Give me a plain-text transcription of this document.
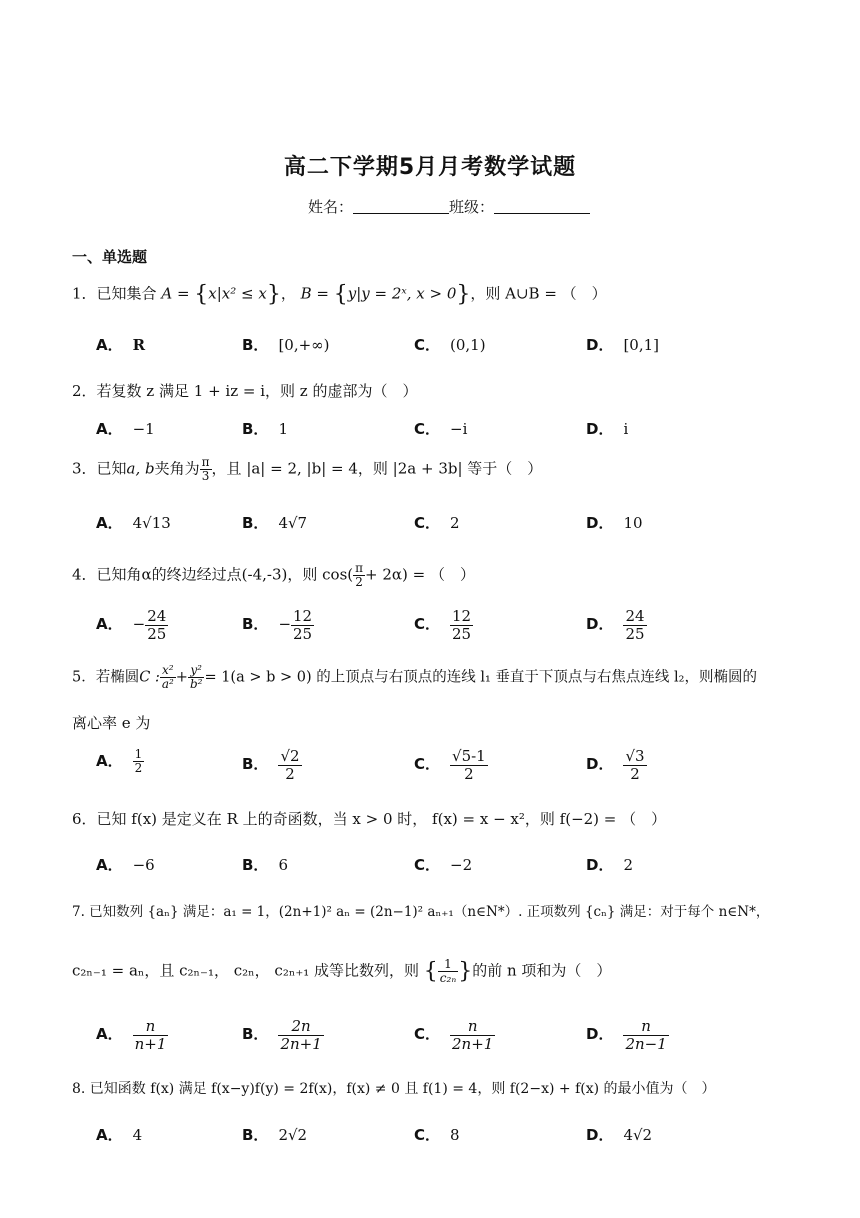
高二下学期5月月考数学试题
姓名：	班级：
一、单选题
1．已知集合 A = {x|x² ≤ x}， B = {y|y = 2ˣ, x > 0}，则 A∪B = （　）
A． R	B． [0,+∞)	C． (0,1)	D． [0,1]
2．若复数 z 满足 1 + iz = i，则 z 的虚部为（　）
A． −1	B． 1	C． −i	D． i
3．已知a, b夹角为 $\frac{\pi}{3}$ ，且 |a| = 2, |b| = 4，则 |2a + 3b| 等于（　）
A． 4√13	B． 4√7	C． 2	D． 10
4．已知角α的终边经过点(-4,-3)，则 $\cos( \frac{\pi}{2} + 2\alpha)$ = （　）
A． − $\frac{24}{25}$	B． − $\frac{12}{25}$	C． $\frac{12}{25}$	D． $\frac{24}{25}$
5．若椭圆C : $\frac{\text{x²}}{\text{a²}} + \frac{\text{y²}}{\text{b²}} = 1(a > b > 0)$ 的上顶点与右顶点的连线 l₁ 垂直于下顶点与右焦点连线 l₂，则椭圆的
离心率 e 为
A． $\frac{1}{2}$	B． $\frac{√2}{2}$	C． $\frac{√5-1}{2}$	D． $\frac{√3}{2}$
6．已知 f(x) 是定义在 R 上的奇函数，当 x > 0 时， f(x) = x − x²，则 f(−2) = （　）
A． −6	B． 6	C． −2	D． 2
7. 已知数列 {aₙ} 满足：a₁ = 1，(2n+1)² aₙ = (2n−1)² aₙ₊₁（n∈N*）. 正项数列 {cₙ} 满足：对于每个 n∈N*，
c₂ₙ₋₁ = aₙ，且 c₂ₙ₋₁， c₂ₙ， c₂ₙ₊₁ 成等比数列，则 { $\frac{1}{\text{c₂ₙ}}$ }的前 n 项和为（　）
A． $\frac{n}{n+1}$	B． $\frac{2n}{2n+1}$	C． $\frac{n}{2n+1}$	D． $\frac{n}{2n-1}$
8. 已知函数 f(x) 满足 f(x−y)f(y) = 2f(x)，f(x) ≠ 0 且 f(1) = 4，则 f(2−x) + f(x) 的最小值为（　）
A． 4	B． 2√2	C． 8	D． 4√2
